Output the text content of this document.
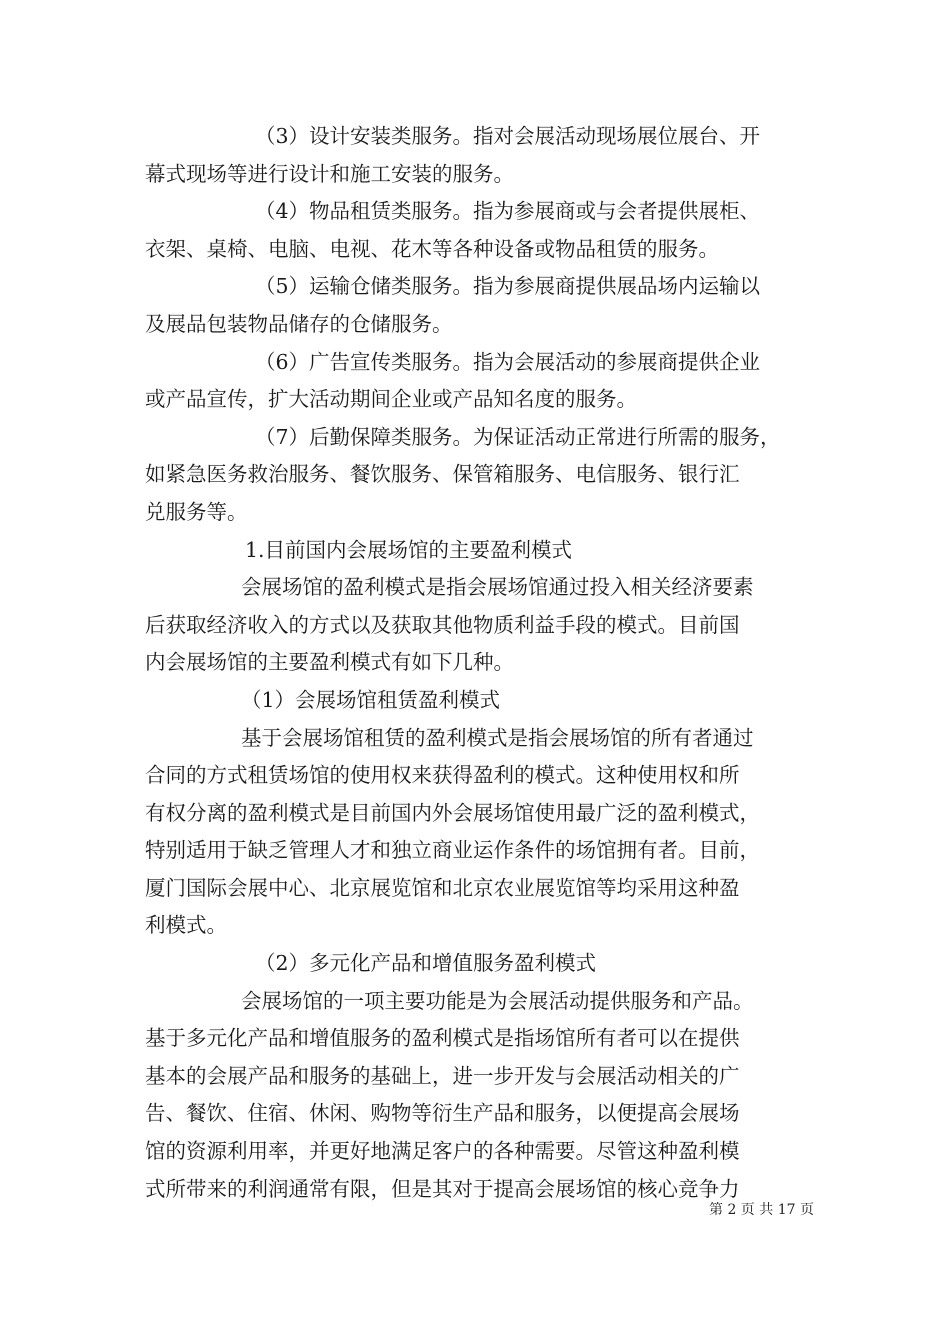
（3）设计安装类服务。指对会展活动现场展位展台、开
幕式现场等进行设计和施工安装的服务。
（4）物品租赁类服务。指为参展商或与会者提供展柜、
衣架、桌椅、电脑、电视、花木等各种设备或物品租赁的服务。
（5）运输仓储类服务。指为参展商提供展品场内运输以
及展品包装物品储存的仓储服务。
（6）广告宣传类服务。指为会展活动的参展商提供企业
或产品宣传，扩大活动期间企业或产品知名度的服务。
（7）后勤保障类服务。为保证活动正常进行所需的服务，
如紧急医务救治服务、餐饮服务、保管箱服务、电信服务、银行汇
兑服务等。
1.目前国内会展场馆的主要盈利模式
会展场馆的盈利模式是指会展场馆通过投入相关经济要素
后获取经济收入的方式以及获取其他物质利益手段的模式。目前国
内会展场馆的主要盈利模式有如下几种。
（1）会展场馆租赁盈利模式
基于会展场馆租赁的盈利模式是指会展场馆的所有者通过
合同的方式租赁场馆的使用权来获得盈利的模式。这种使用权和所
有权分离的盈利模式是目前国内外会展场馆使用最广泛的盈利模式，
特别适用于缺乏管理人才和独立商业运作条件的场馆拥有者。目前，
厦门国际会展中心、北京展览馆和北京农业展览馆等均采用这种盈
利模式。
（2）多元化产品和增值服务盈利模式
会展场馆的一项主要功能是为会展活动提供服务和产品。
基于多元化产品和增值服务的盈利模式是指场馆所有者可以在提供
基本的会展产品和服务的基础上，进一步开发与会展活动相关的广
告、餐饮、住宿、休闲、购物等衍生产品和服务，以便提高会展场
馆的资源利用率，并更好地满足客户的各种需要。尽管这种盈利模
式所带来的利润通常有限，但是其对于提高会展场馆的核心竞争力
第 2 页 共 17 页
